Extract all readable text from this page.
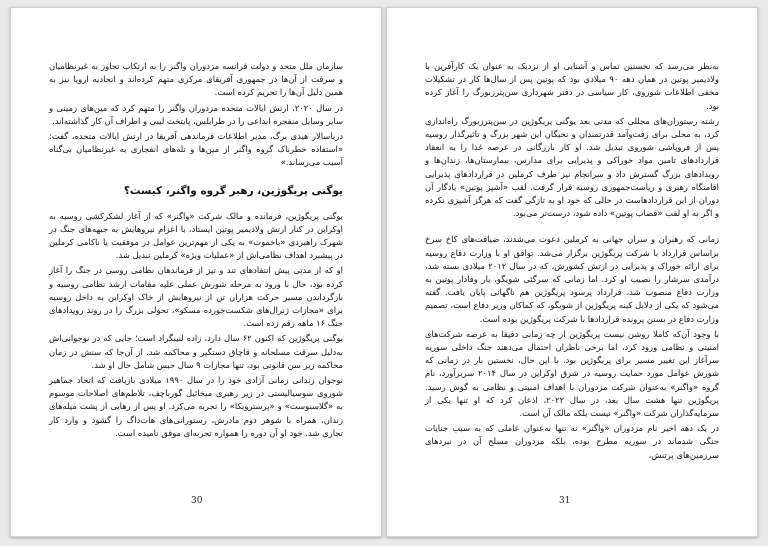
سازمان ملل متحد و دولت فرانسه مزدوران واگنر را به ارتکاب تجاوز به غیرنظامیان و سرقت از آن‌ها در جمهوری آفریقای مرکزی متهم کرده‌اند و اتحادیه اروپا نیز به همین دلیل آن‌ها را تحریم کرده است.

در سال ۲۰۲۰، ارتش ایالات متحده مزدوران واگنر را متهم کرد که مین‌های زمینی و سایر وسایل منفجره ابداعی را در طرابلس، پایتخت لیبی و اطراف آن کار گذاشته‌اند.

دریاسالار هیدی برگ، مدیر اطلاعات فرماندهی آفریقا در ارتش ایالات متحده، گفت: «استفاده خطرناک گروه واگنر از مین‌ها و تله‌های انفجاری به غیرنظامیان بی‌گناه آسیب می‌رساند.»

یوگنی پریگوژین، رهبر گروه واگنر، کیست؟

یوگنی پریگوژین، فرمانده و مالک شرکت «واگنر» که از آغاز لشکرکشی روسیه به اوکراین در کنار ارتش ولادیمیر پوتین ایستاد، با اعزام نیروهایش به جبهه‌های جنگ در شهرک راهبردی «باخموت» به یکی از مهم‌ترین عوامل در موفقیت یا ناکامی کرملین در پیشبرد اهداف نظامی‌اش از «عملیات ویژه» کرملین تبدیل شد.

او که از مدتی پیش انتقادهای تند و تیز از فرماندهان نظامی روسی در جنگ را آغاز کرده بود، حال با ورود به مرحله شورش عملی علیه مقامات ارشد نظامی روسیه و بازگرداندن مسیر حرکت هزاران تن از نیروهایش از خاک اوکراین به داخل روسیه برای «مجازات ژنرال‌های شکست‌خورده مسکو»، تحولی بزرگ را در روند رویدادهای جنگ ۱۶ ماهه رقم زده است.

یوگنی پریگوژین که اکنون ۶۲ سال دارد، زاده لنینگراد است؛ جایی که در نوجوانی‌اش به‌دلیل سرقت مسلحانه و قاچاق دستگیر و محاکمه شد. از آن‌جا که سنش در زمان محاکمه زیر سن قانونی بود، تنها مجازات ۹ سال حبس شامل حال او شد.

نوجوان زندانی زمانی آزادی خود را در سال ۱۹۹۰ میلادی بازیافت که اتحاد جماهیر شوروی سوسیالیستی در زیر رهبری میخائیل گورباچف، تلاطم‌های اصلاحات موسوم به «گلاسنوست» و «پرسترویکا» را تجربه می‌کرد. او پس از رهایی از پشت میله‌های زندان، همراه با شوهر دوم مادرش، رستورانی‌های هات‌داگ را گشود و وارد کار تجاری شد. خود او آن دوره را همواره تجربه‌ای موفق نامیده است.

30

به‌نظر می‌رسد که نخستین تماس و آشنایی او از نزدیک به عنوان یک کارآفرین با ولادیمیر پوتین در همان دهه ۹۰ میلادی بود که پوتین پس از سال‌ها کار در تشکیلات مخفی اطلاعات شوروی، کار سیاسی در دفتر شهرداری سن‌پترزبورگ را آغاز کرده بود.

رشته رستوران‌های مجللی که مدتی بعد یوگنی پریگوژین در سن‌پترزبورگ راه‌اندازی کرد، به محلی برای رفت‌وآمد قدرتمندان و نخبگان این شهر بزرگ و تاثیرگذار روسیه پس از فروپاشی شوروی تبدیل شد. او کار بازرگانی در عرصه غذا را به انعقاد قراردادهای تامین مواد خوراکی و پذیرایی برای مدارس، بیمارستان‌ها، زندان‌ها و رویدادهای بزرگ گسترش داد و سرانجام نیز طرف کرملین در قراردادهای پذیرایی اقامتگاه رهبری و ریاست‌جمهوری روسیه قرار گرفت. لقب «آشپز پوتین» یادگار آن دوران از این قراردادهاست در حالی که خود او به تازگی گفت که هرگز آشپزی نکرده و اگر به او لقب «قصاب پوتین» داده شود، درست‌تر می‌بود.

زمانی که رهبران و سران جهانی به کرملین دعوت می‌شدند، ضیافت‌های کاخ سرخ براساس قرارداد با شرکت پریگوژین برگزار می‌شد. توافق او با وزارت دفاع روسیه برای ارائه خوراک و پذیرایی در ارتش کشورش، که در سال ۲۰۱۲ میلادی بسته شد، درآمدی سرشار را نصیب او کرد. اما زمانی که سرگئی شویگو، یار وفادار پوتین به وزارت دفاع منصوب شد، قرارداد پرسود پریگوژین هم ناگهانی پایان یافت. گفته می‌شود که یکی از دلایل کینه پریگوژین از شویگو، که کماکان وزیر دفاع است، تصمیم وزارت دفاع در بستن پرونده قراردادها با شرکت پریگوژین بوده است.

با وجود آن‌که کاملا روشن نیست پریگوژین از چه زمانی دقیقا به عرصه شرکت‌های امنیتی و نظامی ورود کرد، اما برخی ناظران احتمال می‌دهند جنگ داخلی سوریه سرآغاز این تغییر مسیر برای پریگوژین بود. با این حال، نخستین بار در زمانی که شورش عوامل مورد حمایت روسیه در شرق اوکراین در سال ۲۰۱۴ سربرآورد، نام گروه «واگنر» به‌عنوان شرکت مزدوران با اهداف امنیتی و نظامی به گوش رسید. پریگوژین تنها هشت سال بعد، در سال ۲۰۲۲، اذعان کرد که او تنها یکی از سرمایه‌گذاران شرکت «واگنر» نیست بلکه مالک آن است.

در یک دهه اخیر نام مزدوران «واگنر» نه تنها به‌عنوان عاملی که به سبب جنایات جنگی شدماند در سوریه مطرح بوده، بلکه مزدوران مسلح آن در نبردهای سرزمین‌های پرتنش،

31
